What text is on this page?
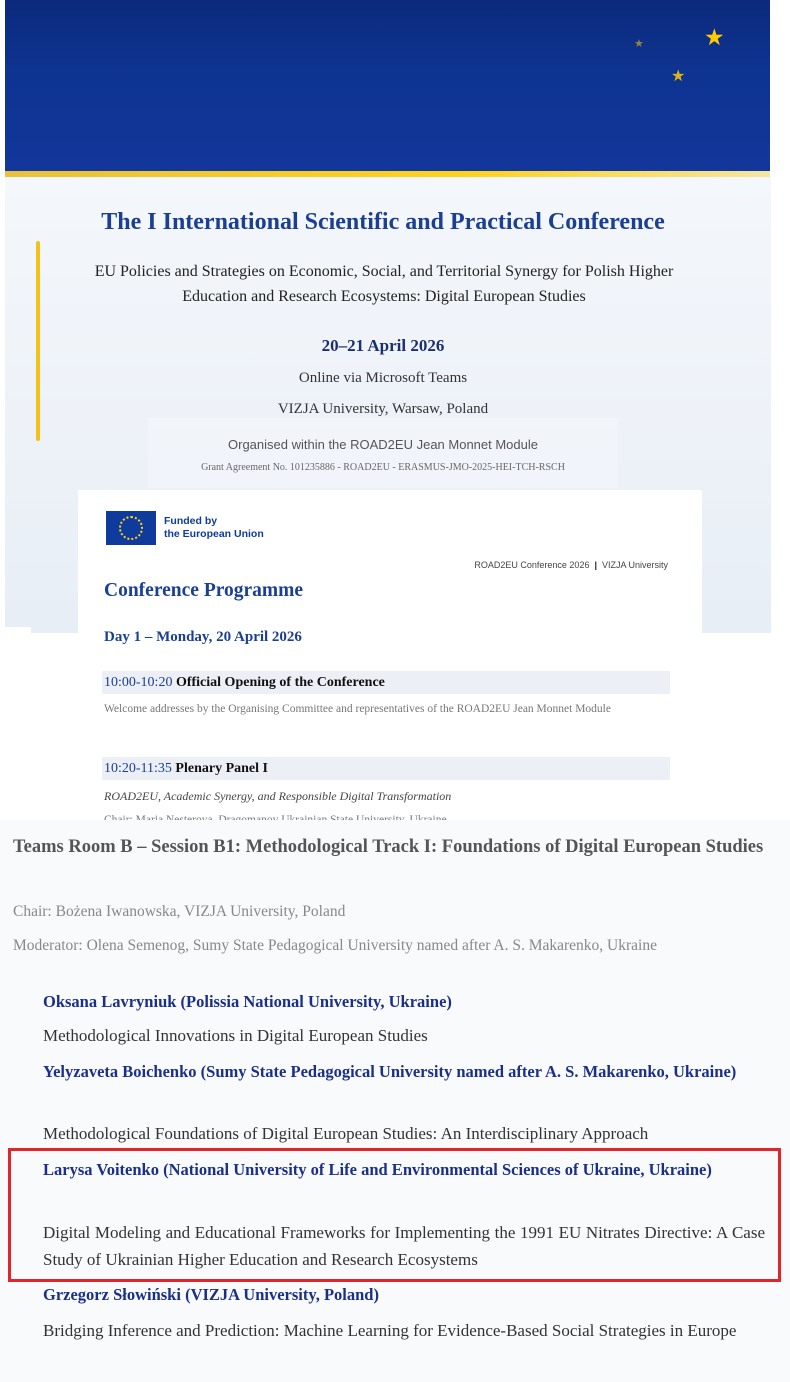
★
★
★
The I International Scientific and Practical Conference
EU Policies and Strategies on Economic, Social, and Territorial Synergy for Polish Higher Education and Research Ecosystems: Digital European Studies
20–21 April 2026
Online via Microsoft Teams
VIZJA University, Warsaw, Poland
Organised within the ROAD2EU Jean Monnet Module
Grant Agreement No. 101235886 - ROAD2EU - ERASMUS-JMO-2025-HEI-TCH-RSCH
Funded by
the European Union
ROAD2EU Conference 2026 | VIZJA University
Conference Programme
Day 1 – Monday, 20 April 2026
10:00-10:20 Official Opening of the Conference
Welcome addresses by the Organising Committee and representatives of the ROAD2EU Jean Monnet Module
10:20-11:35 Plenary Panel I
ROAD2EU, Academic Synergy, and Responsible Digital Transformation
Teams Room B – Session B1: Methodological Track I: Foundations of Digital European Studies
Chair: Bożena Iwanowska, VIZJA University, Poland
Moderator: Olena Semenog, Sumy State Pedagogical University named after A. S. Makarenko, Ukraine
Oksana Lavryniuk (Polissia National University, Ukraine)
Methodological Innovations in Digital European Studies
Yelyzaveta Boichenko (Sumy State Pedagogical University named after A. S. Makarenko, Ukraine)
Methodological Foundations of Digital European Studies: An Interdisciplinary Approach
Larysa Voitenko (National University of Life and Environmental Sciences of Ukraine, Ukraine)
Digital Modeling and Educational Frameworks for Implementing the 1991 EU Nitrates Directive: A Case Study of Ukrainian Higher Education and Research Ecosystems
Grzegorz Słowiński (VIZJA University, Poland)
Bridging Inference and Prediction: Machine Learning for Evidence-Based Social Strategies in Europe
